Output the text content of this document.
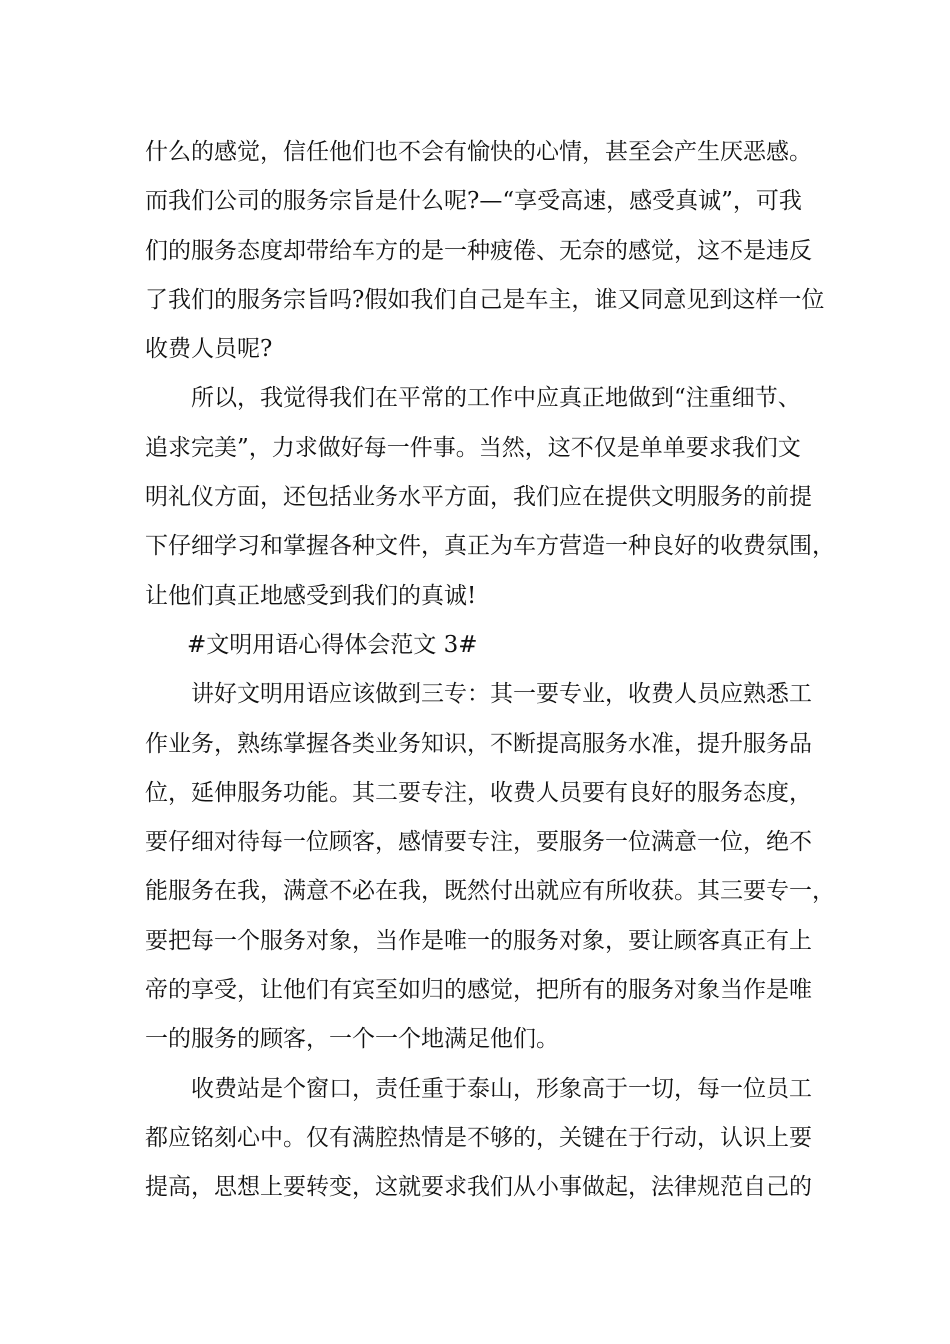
什么的感觉，信任他们也不会有愉快的心情，甚至会产生厌恶感。
而我们公司的服务宗旨是什么呢?—“享受高速，感受真诚”，可我
们的服务态度却带给车方的是一种疲倦、无奈的感觉，这不是违反
了我们的服务宗旨吗?假如我们自己是车主，谁又同意见到这样一位
收费人员呢?
所以，我觉得我们在平常的工作中应真正地做到“注重细节、
追求完美”，力求做好每一件事。当然，这不仅是单单要求我们文
明礼仪方面，还包括业务水平方面，我们应在提供文明服务的前提
下仔细学习和掌握各种文件，真正为车方营造一种良好的收费氛围，
让他们真正地感受到我们的真诚!
#文明用语心得体会范文 3#
讲好文明用语应该做到三专：其一要专业，收费人员应熟悉工
作业务，熟练掌握各类业务知识，不断提高服务水准，提升服务品
位，延伸服务功能。其二要专注，收费人员要有良好的服务态度，
要仔细对待每一位顾客，感情要专注，要服务一位满意一位，绝不
能服务在我，满意不必在我，既然付出就应有所收获。其三要专一，
要把每一个服务对象，当作是唯一的服务对象，要让顾客真正有上
帝的享受，让他们有宾至如归的感觉，把所有的服务对象当作是唯
一的服务的顾客，一个一个地满足他们。
收费站是个窗口，责任重于泰山，形象高于一切，每一位员工
都应铭刻心中。仅有满腔热情是不够的，关键在于行动，认识上要
提高，思想上要转变，这就要求我们从小事做起，法律规范自己的
